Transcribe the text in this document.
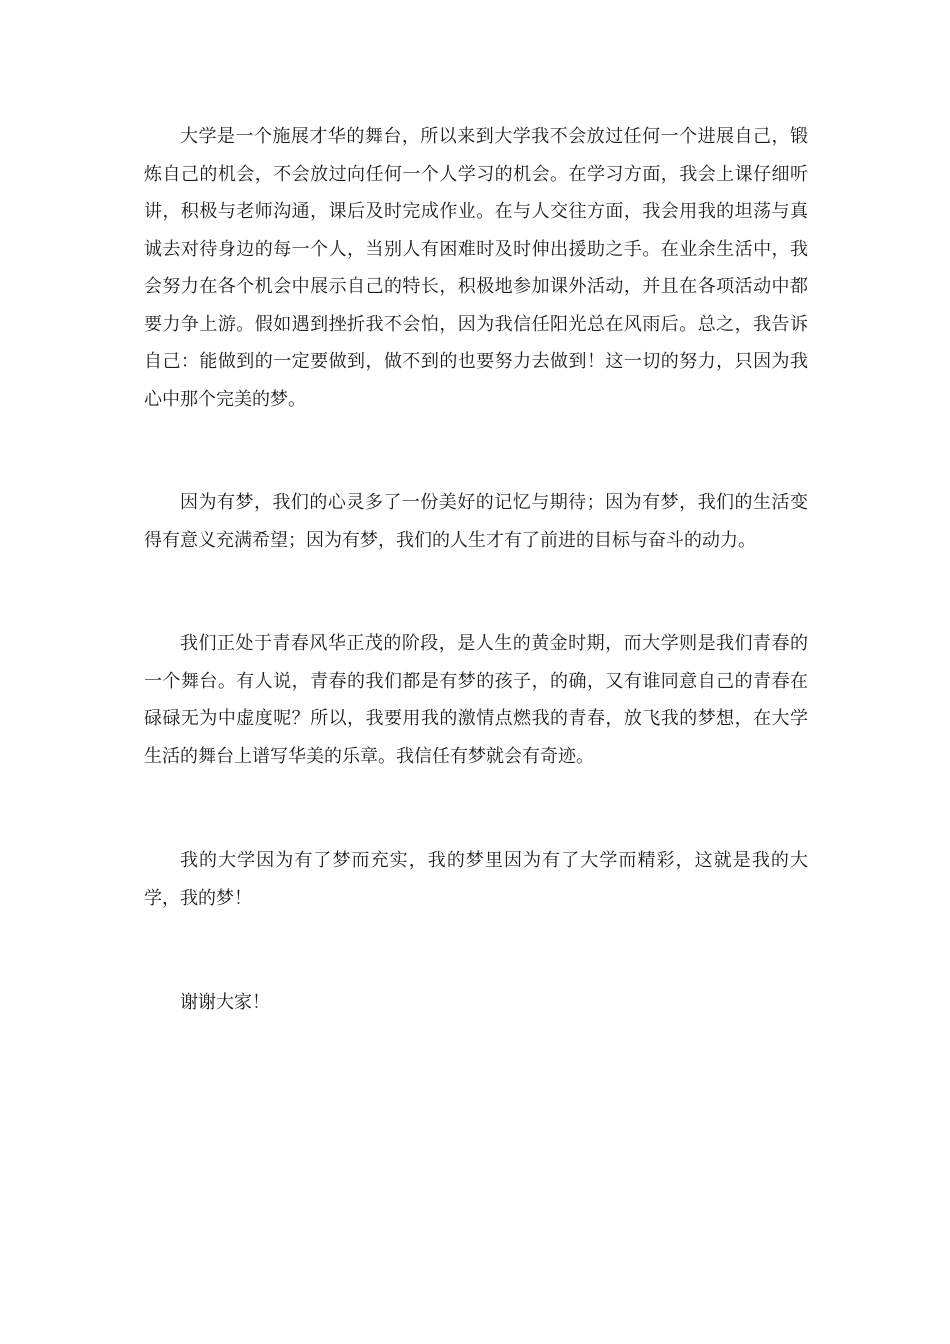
大学是一个施展才华的舞台，所以来到大学我不会放过任何一个进展自己，锻炼自己的机会，不会放过向任何一个人学习的机会。在学习方面，我会上课仔细听讲，积极与老师沟通，课后及时完成作业。在与人交往方面，我会用我的坦荡与真诚去对待身边的每一个人，当别人有困难时及时伸出援助之手。在业余生活中，我会努力在各个机会中展示自己的特长，积极地参加课外活动，并且在各项活动中都要力争上游。假如遇到挫折我不会怕，因为我信任阳光总在风雨后。总之，我告诉自己：能做到的一定要做到，做不到的也要努力去做到！这一切的努力，只因为我心中那个完美的梦。

因为有梦，我们的心灵多了一份美好的记忆与期待；因为有梦，我们的生活变得有意义充满希望；因为有梦，我们的人生才有了前进的目标与奋斗的动力。

我们正处于青春风华正茂的阶段，是人生的黄金时期，而大学则是我们青春的一个舞台。有人说，青春的我们都是有梦的孩子，的确，又有谁同意自己的青春在碌碌无为中虚度呢？所以，我要用我的激情点燃我的青春，放飞我的梦想，在大学生活的舞台上谱写华美的乐章。我信任有梦就会有奇迹。

我的大学因为有了梦而充实，我的梦里因为有了大学而精彩，这就是我的大学，我的梦！

谢谢大家！
